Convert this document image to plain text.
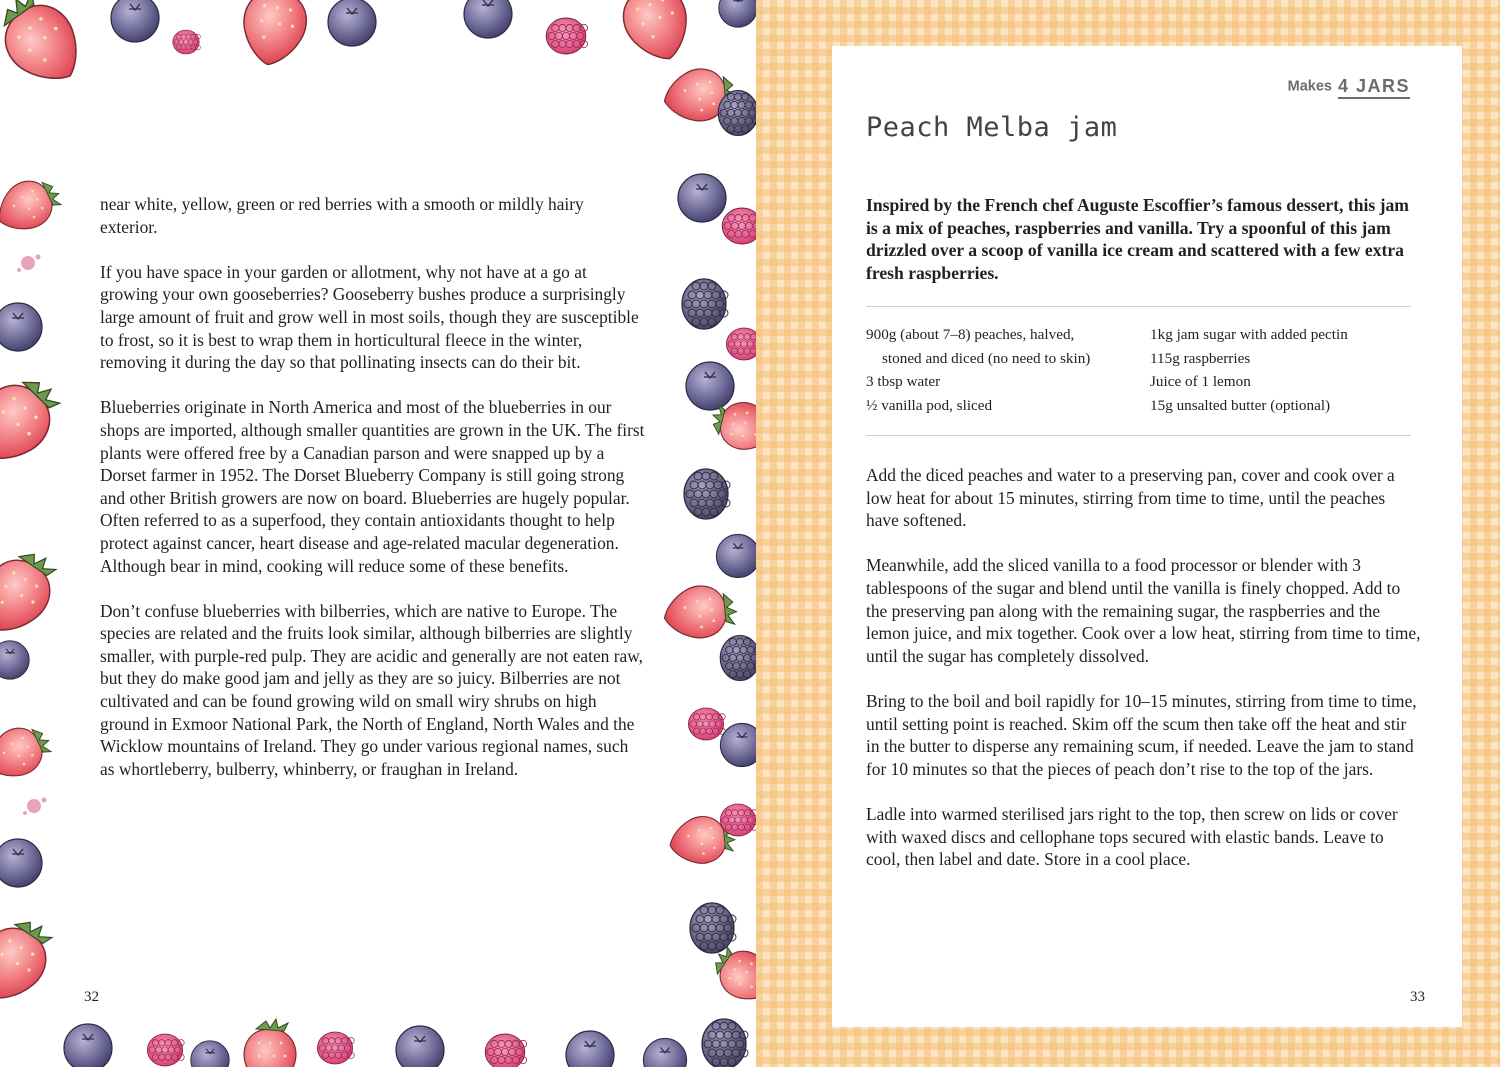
near white, yellow, green or red berries with a smooth or mildly hairy exterior.

If you have space in your garden or allotment, why not have at a go at growing your own gooseberries? Gooseberry bushes produce a surprisingly large amount of fruit and grow well in most soils, though they are susceptible to frost, so it is best to wrap them in horticultural fleece in the winter, removing it during the day so that pollinating insects can do their bit.

Blueberries originate in North America and most of the blueberries in our shops are imported, although smaller quantities are grown in the UK. The first plants were offered free by a Canadian parson and were snapped up by a Dorset farmer in 1952. The Dorset Blueberry Company is still going strong and other British growers are now on board. Blueberries are hugely popular. Often referred to as a superfood, they contain antioxidants thought to help protect against cancer, heart disease and age-related macular degeneration. Although bear in mind, cooking will reduce some of these benefits.

Don’t confuse blueberries with bilberries, which are native to Europe. The species are related and the fruits look similar, although bilberries are slightly smaller, with purple-red pulp. They are acidic and generally are not eaten raw, but they do make good jam and jelly as they are so juicy. Bilberries are not cultivated and can be found growing wild on small wiry shrubs on high ground in Exmoor National Park, the North of England, North Wales and the Wicklow mountains of Ireland. They go under various regional names, such as whortleberry, bulberry, whinberry, or fraughan in Ireland.

32
Makes 4 JARS
Peach Melba jam

Inspired by the French chef Auguste Escoffier’s famous dessert, this jam is a mix of peaches, raspberries and vanilla. Try a spoonful of this jam drizzled over a scoop of vanilla ice cream and scattered with a few extra fresh raspberries.

900g (about 7–8) peaches, halved,
stoned and diced (no need to skin)
3 tbsp water
½ vanilla pod, sliced
1kg jam sugar with added pectin
115g raspberries
Juice of 1 lemon
15g unsalted butter (optional)

Add the diced peaches and water to a preserving pan, cover and cook over a low heat for about 15 minutes, stirring from time to time, until the peaches have softened.

Meanwhile, add the sliced vanilla to a food processor or blender with 3 tablespoons of the sugar and blend until the vanilla is finely chopped. Add to the preserving pan along with the remaining sugar, the raspberries and the lemon juice, and mix together. Cook over a low heat, stirring from time to time, until the sugar has completely dissolved.

Bring to the boil and boil rapidly for 10–15 minutes, stirring from time to time, until setting point is reached. Skim off the scum then take off the heat and stir in the butter to disperse any remaining scum, if needed. Leave the jam to stand for 10 minutes so that the pieces of peach don’t rise to the top of the jars.

Ladle into warmed sterilised jars right to the top, then screw on lids or cover with waxed discs and cellophane tops secured with elastic bands. Leave to cool, then label and date. Store in a cool place.

33
